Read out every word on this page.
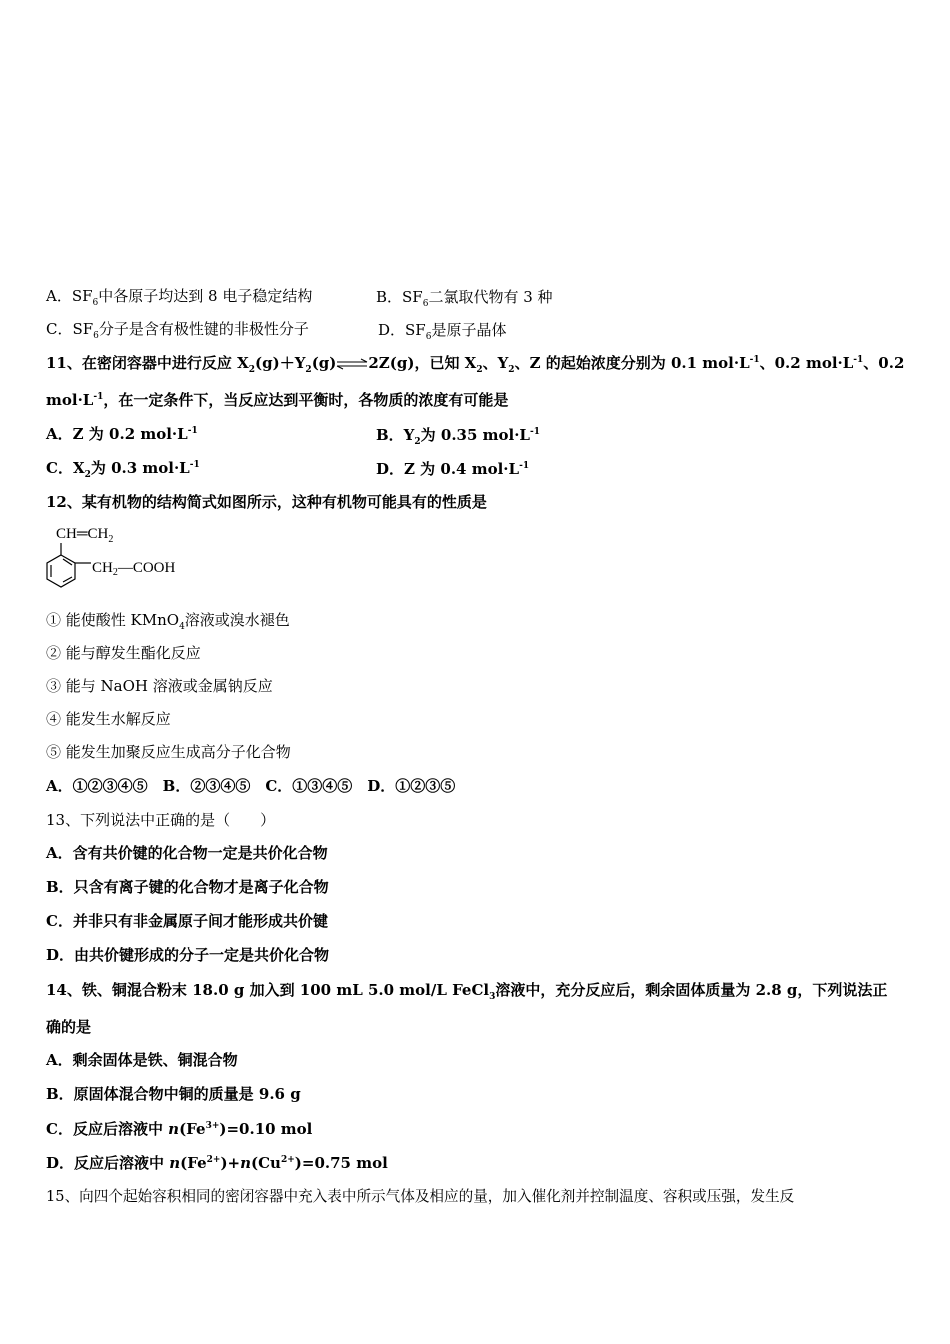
A．$SF_6$中各原子均达到 8 电子稳定结构	B．$SF_6$二氯取代物有 3 种
C．$SF_6$分子是含有极性键的非极性分子	D．$SF_6$是原子晶体
11、在密闭容器中进行反应 $X_2(g)+Y_2(g)\rightleftharpoons 2Z(g)$，已知 $X_2$、$Y_2$、Z 的起始浓度分别为 0.1 $mol\cdot L^{-1}$、0.2 $mol\cdot L^{-1}$、0.2
$mol\cdot L^{-1}$，在一定条件下，当反应达到平衡时，各物质的浓度有可能是
A．Z 为 0.2 $mol\cdot L^{-1}$	B．$Y_2$为 0.35 $mol\cdot L^{-1}$
C．$X_2$为 0.3 $mol\cdot L^{-1}$	D．Z 为 0.4 $mol\cdot L^{-1}$
12、某有机物的结构简式如图所示，这种有机物可能具有的性质是
$CH═CH_2$
$CH_2—COOH$
① 能使酸性 KMnO$_4$溶液或溴水褪色
② 能与醇发生酯化反应
③ 能与 NaOH 溶液或金属钠反应
④ 能发生水解反应
⑤ 能发生加聚反应生成高分子化合物
A．①②③④⑤　B．②③④⑤　C．①③④⑤　D．①②③⑤
13、下列说法中正确的是（　　）
A．含有共价键的化合物一定是共价化合物
B．只含有离子键的化合物才是离子化合物
C．并非只有非金属原子间才能形成共价键
D．由共价键形成的分子一定是共价化合物
14、铁、铜混合粉末 18.0 g 加入到 100 mL 5.0 mol/L FeCl$_3$溶液中，充分反应后，剩余固体质量为 2.8 g，下列说法正
确的是
A．剩余固体是铁、铜混合物
B．原固体混合物中铜的质量是 9.6 g
C．反应后溶液中 $n(Fe^{3+})=0.10$ mol
D．反应后溶液中 $n(Fe^{2+})+n(Cu^{2+})=0.75$ mol
15、向四个起始容积相同的密闭容器中充入表中所示气体及相应的量，加入催化剂并控制温度、容积或压强，发生反
